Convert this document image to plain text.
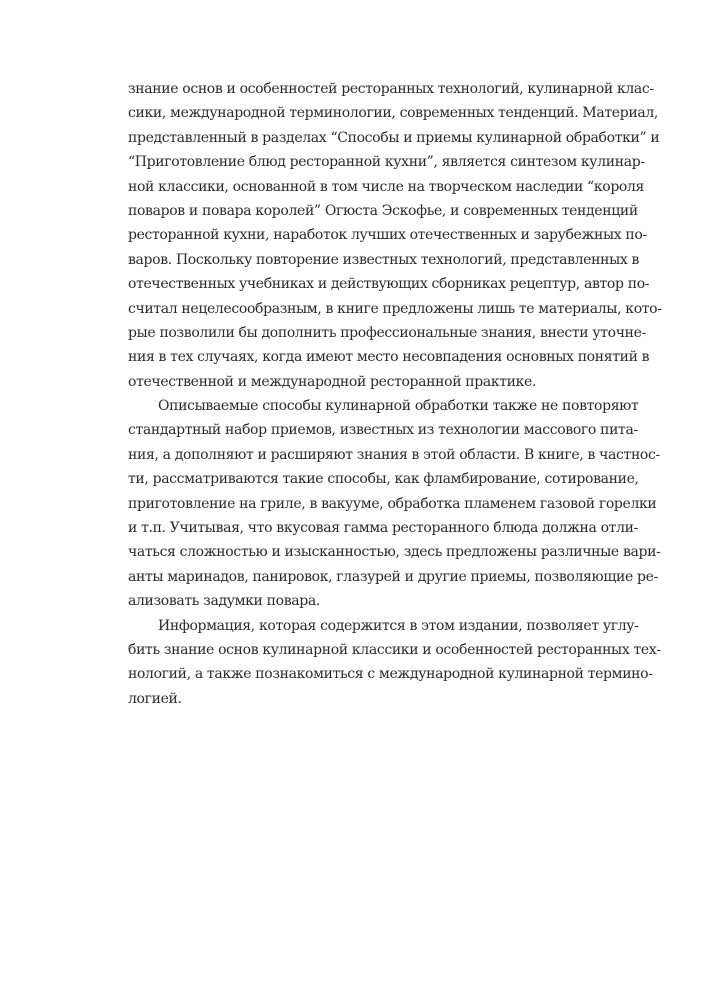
знание основ и особенностей ресторанных технологий, кулинарной клас-
сики, международной терминологии, современных тенденций. Материал,
представленный в разделах “Способы и приемы кулинарной обработки” и
“Приготовление блюд ресторанной кухни”, является синтезом кулинар-
ной классики, основанной в том числе на творческом наследии “короля
поваров и повара королей” Огюста Эскофье, и современных тенденций
ресторанной кухни, наработок лучших отечественных и зарубежных по-
варов. Поскольку повторение известных технологий, представленных в
отечественных учебниках и действующих сборниках рецептур, автор по-
считал нецелесообразным, в книге предложены лишь те материалы, кото-
рые позволили бы дополнить профессиональные знания, внести уточне-
ния в тех случаях, когда имеют место несовпадения основных понятий в
отечественной и международной ресторанной практике.
Описываемые способы кулинарной обработки также не повторяют
стандартный набор приемов, известных из технологии массового пита-
ния, а дополняют и расширяют знания в этой области. В книге, в частнос-
ти, рассматриваются такие способы, как фламбирование, сотирование,
приготовление на гриле, в вакууме, обработка пламенем газовой горелки
и т.п. Учитывая, что вкусовая гамма ресторанного блюда должна отли-
чаться сложностью и изысканностью, здесь предложены различные вари-
анты маринадов, панировок, глазурей и другие приемы, позволяющие ре-
ализовать задумки повара.
Информация, которая содержится в этом издании, позволяет углу-
бить знание основ кулинарной классики и особенностей ресторанных тех-
нологий, а также познакомиться с международной кулинарной термино-
логией.
